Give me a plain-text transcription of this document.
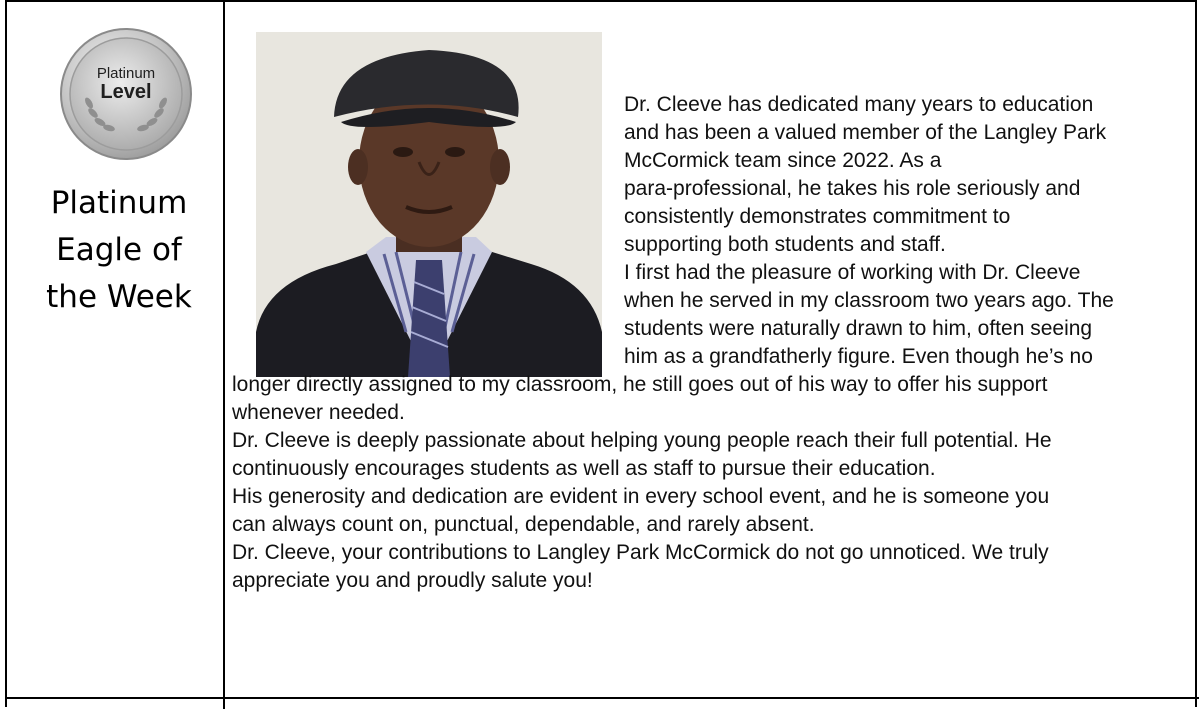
Platinum
Level
Platinum
Eagle of
the Week
Dr. Cleeve has dedicated many years to education
and has been a valued member of the Langley Park
McCormick team since 2022. As a
para-professional, he takes his role seriously and
consistently demonstrates commitment to
supporting both students and staff.
I first had the pleasure of working with Dr. Cleeve
when he served in my classroom two years ago. The
students were naturally drawn to him, often seeing
him as a grandfatherly figure. Even though he’s no
longer directly assigned to my classroom, he still goes out of his way to offer his support
whenever needed.
Dr. Cleeve is deeply passionate about helping young people reach their full potential. He
continuously encourages students as well as staff to pursue their education.
His generosity and dedication are evident in every school event, and he is someone you
can always count on, punctual, dependable, and rarely absent.
Dr. Cleeve, your contributions to Langley Park McCormick do not go unnoticed. We truly
appreciate you and proudly salute you!
